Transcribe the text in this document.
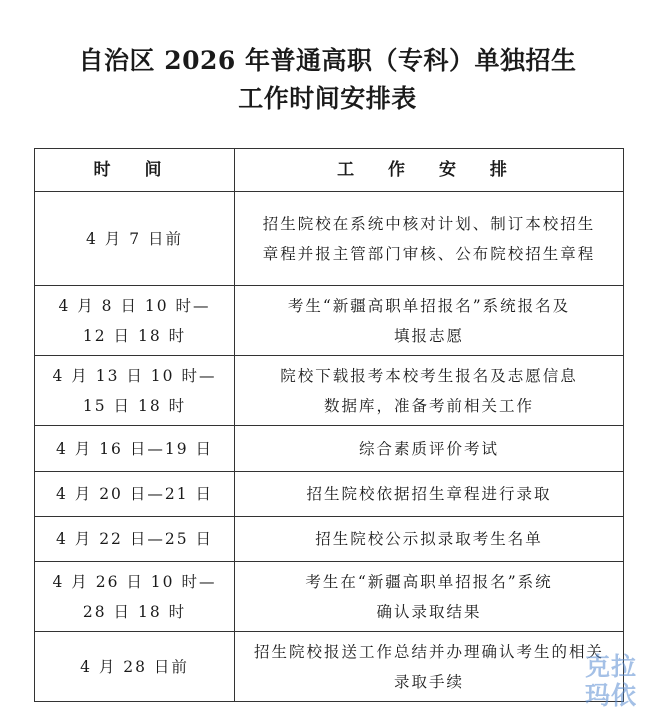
自治区 2026 年普通高职（专科）单独招生
工作时间安排表
时 间	工 作 安 排

4 月 7 日前	招生院校在系统中核对计划、制订本校招生
章程并报主管部门审核、公布院校招生章程

4 月 8 日 10 时—
12 日 18 时	考生“新疆高职单招报名”系统报名及
填报志愿

4 月 13 日 10 时—
15 日 18 时	院校下载报考本校考生报名及志愿信息
数据库，准备考前相关工作

4 月 16 日—19 日	综合素质评价考试

4 月 20 日—21 日	招生院校依据招生章程进行录取

4 月 22 日—25 日	招生院校公示拟录取考生名单

4 月 26 日 10 时—
28 日 18 时	考生在“新疆高职单招报名”系统
确认录取结果

4 月 28 日前	招生院校报送工作总结并办理确认考生的相关
录取手续
克拉
玛依
